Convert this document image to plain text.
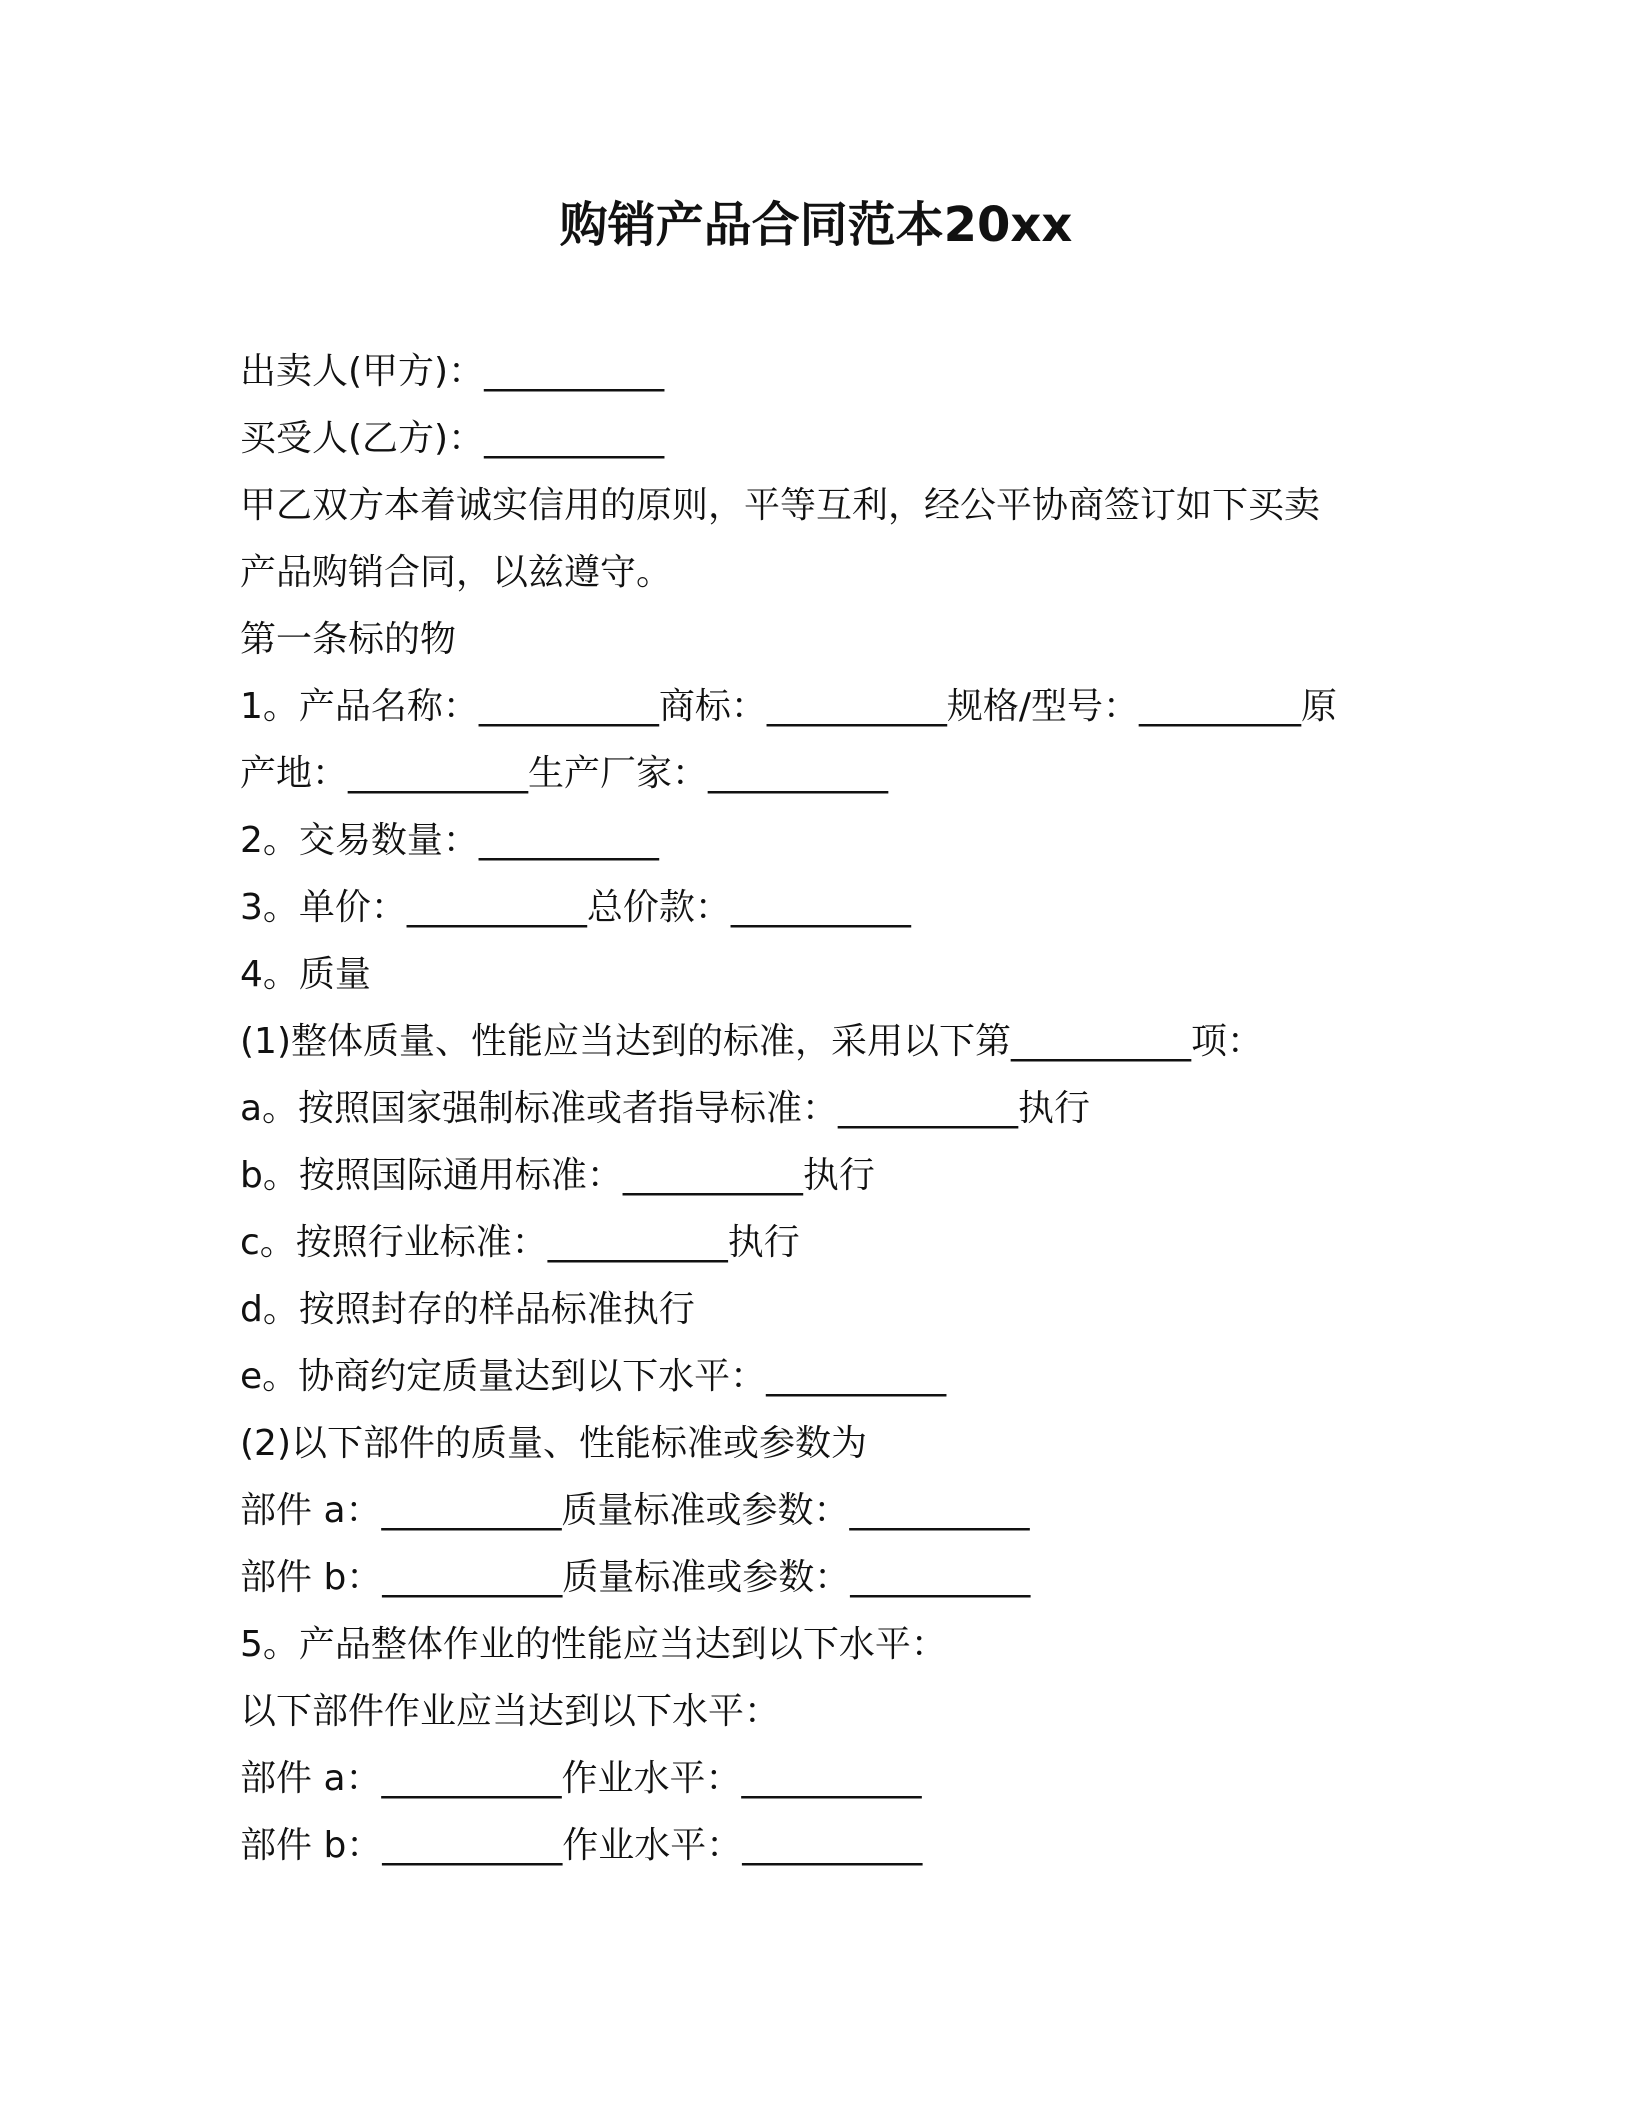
购销产品合同范本20xx
出卖人(甲方)：__________
买受人(乙方)：__________
甲乙双方本着诚实信用的原则，平等互利，经公平协商签订如下买卖
产品购销合同，以兹遵守。
第一条标的物
1。产品名称：__________商标：__________规格/型号：_________原
产地：__________生产厂家：__________
2。交易数量：__________
3。单价：__________总价款：__________
4。质量
(1)整体质量、性能应当达到的标准，采用以下第__________项：
a。按照国家强制标准或者指导标准：__________执行
b。按照国际通用标准：__________执行
c。按照行业标准：__________执行
d。按照封存的样品标准执行
e。协商约定质量达到以下水平：__________
(2)以下部件的质量、性能标准或参数为
部件 a：__________质量标准或参数：__________
部件 b：__________质量标准或参数：__________
5。产品整体作业的性能应当达到以下水平：
以下部件作业应当达到以下水平：
部件 a：__________作业水平：__________
部件 b：__________作业水平：__________
